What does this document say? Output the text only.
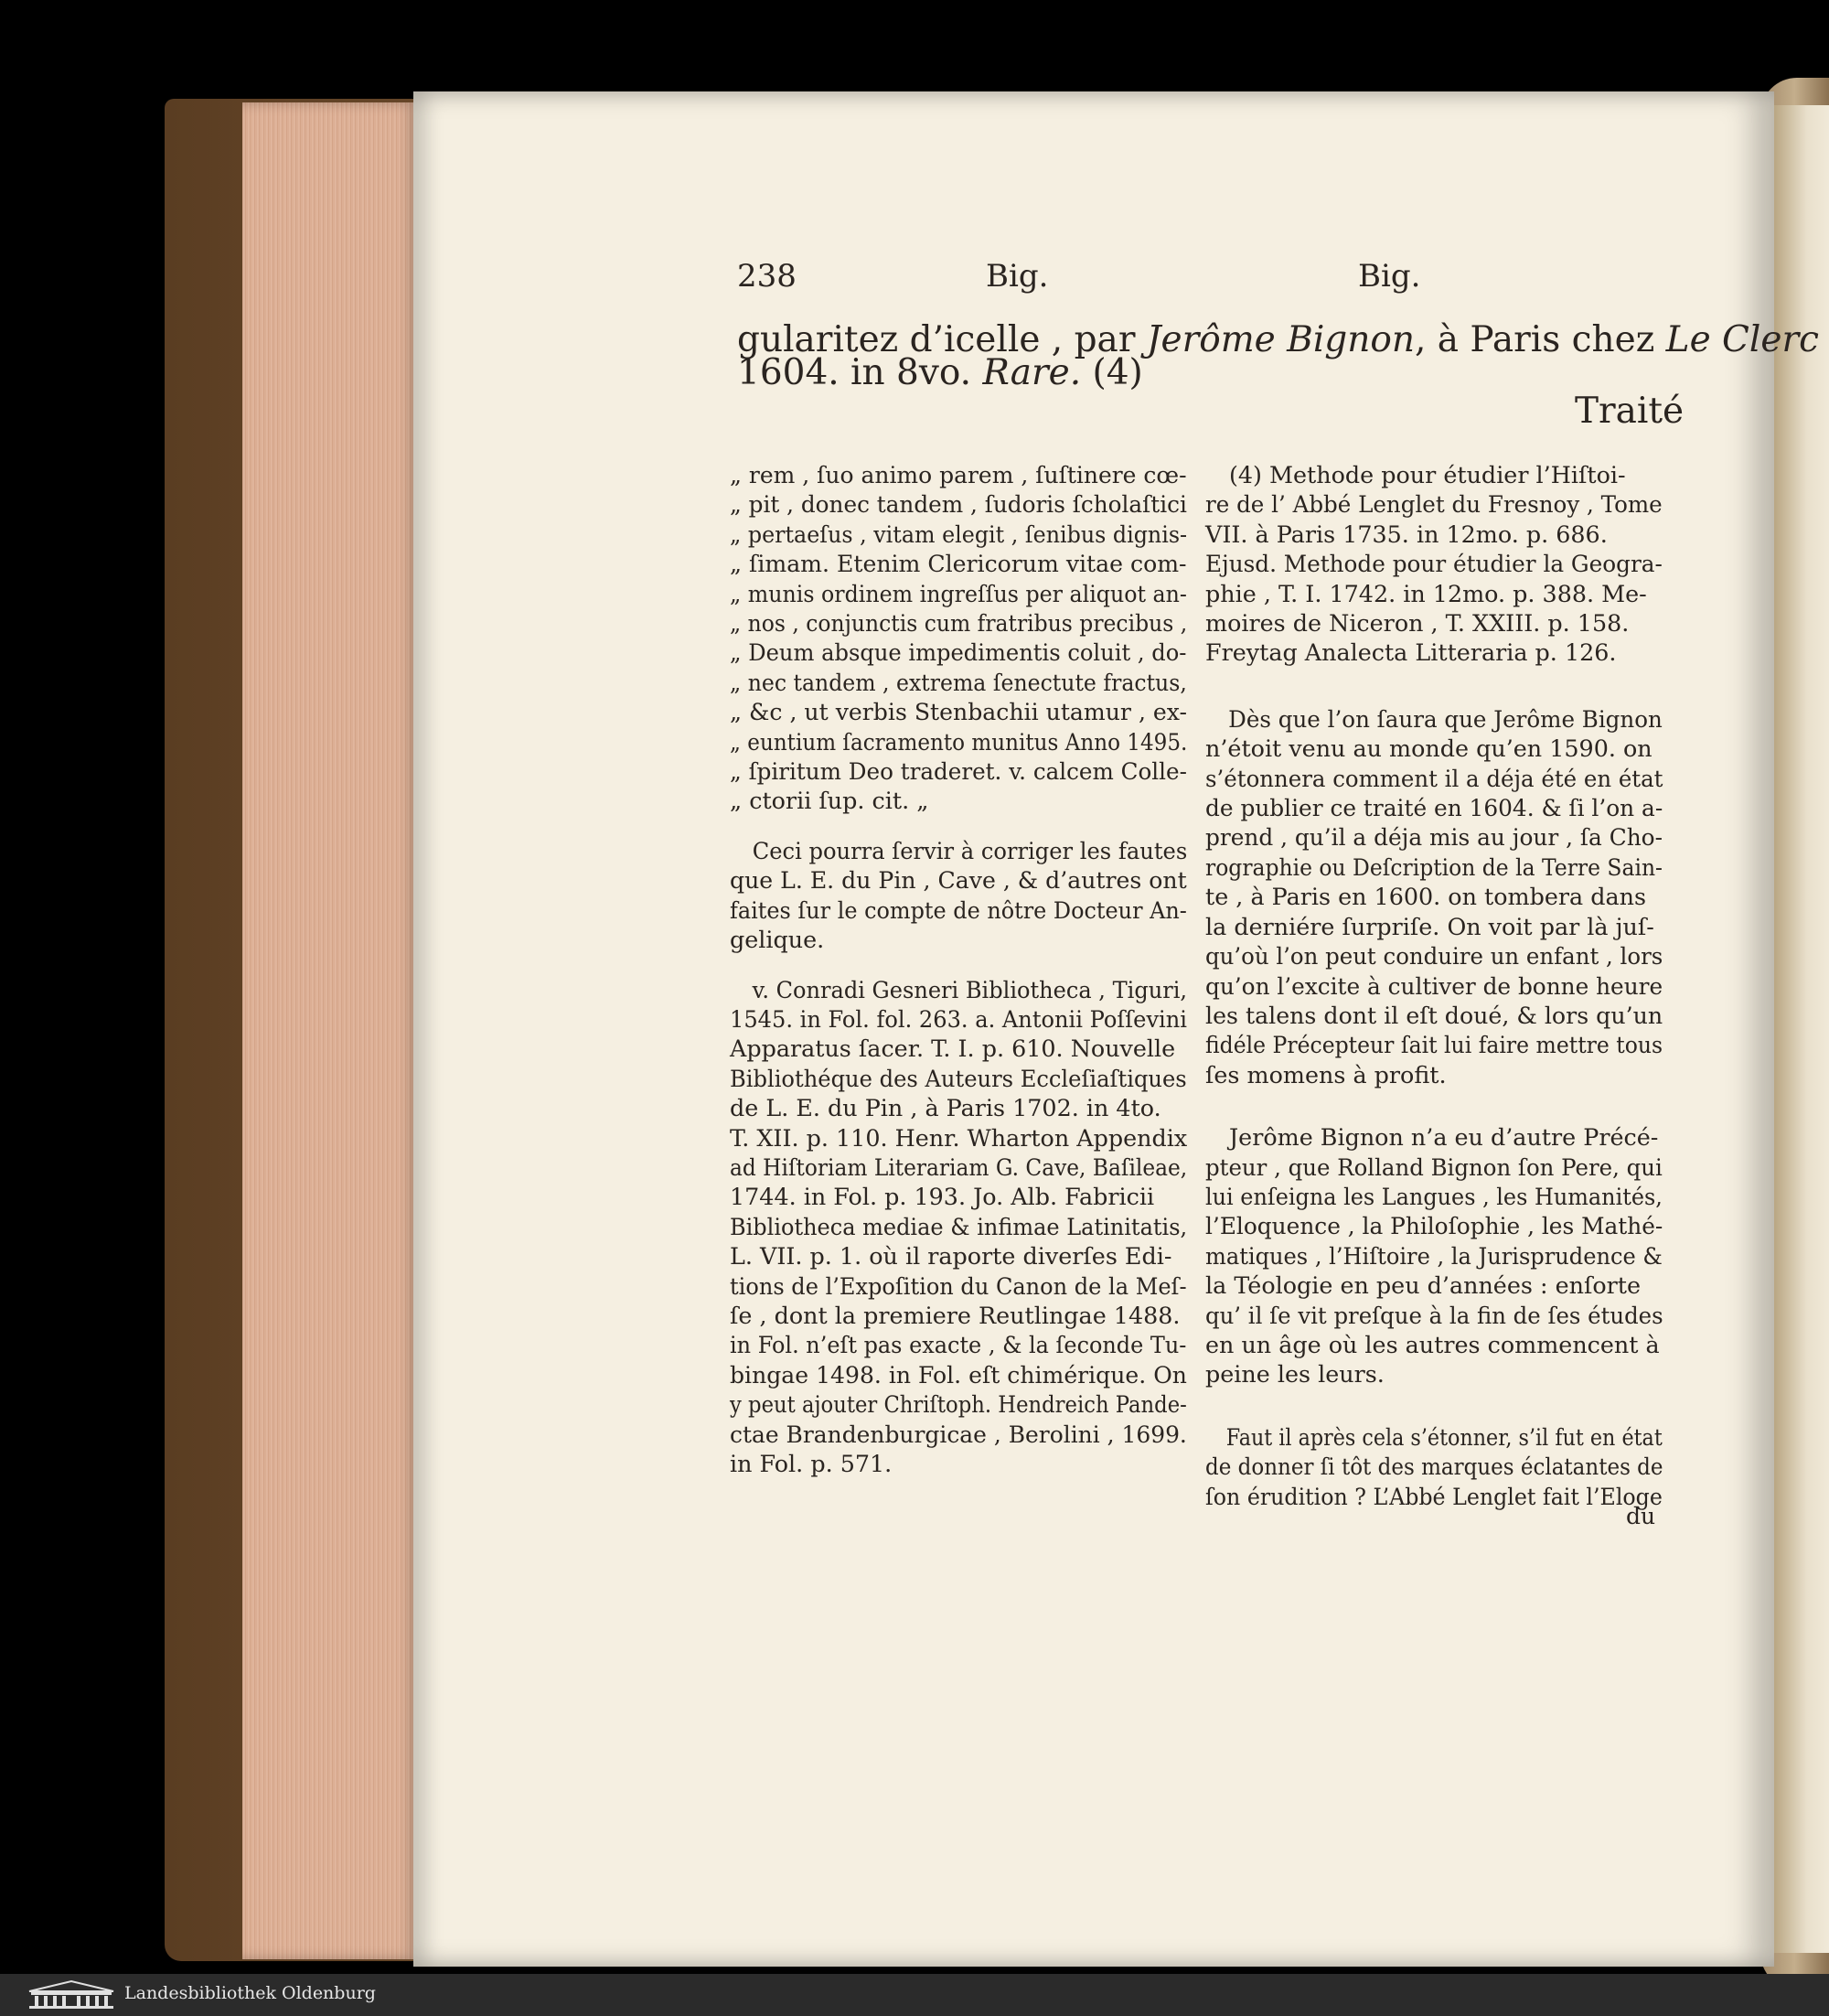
238	Big.	Big.
gularitez d’icelle , par Jerôme Bignon, à Paris chez Le Clerc
1604. in 8vo. Rare. (4)
Traité
„ rem , ſuo animo parem , ſuſtinere cœ-
„ pit , donec tandem , ſudoris ſcholaſtici
„ pertaeſus , vitam elegit , ſenibus dignis-
„ ſimam. Etenim Clericorum vitae com-
„ munis ordinem ingreſſus per aliquot an-
„ nos , conjunctis cum fratribus precibus ,
„ Deum absque impedimentis coluit , do-
„ nec tandem , extrema ſenectute fractus,
„ &c , ut verbis Stenbachii utamur , ex-
„ euntium ſacramento munitus Anno 1495.
„ ſpiritum Deo traderet. v. calcem Colle-
„ ctorii ſup. cit. „
Ceci pourra ſervir à corriger les fautes
que L. E. du Pin , Cave , & d’autres ont
faites ſur le compte de nôtre Docteur An-
gelique.
v. Conradi Gesneri Bibliotheca , Tiguri,
1545. in Fol. fol. 263. a. Antonii Poſſevini
Apparatus ſacer. T. I. p. 610. Nouvelle
Bibliothéque des Auteurs Eccleſiaſtiques
de L. E. du Pin , à Paris 1702. in 4to.
T. XII. p. 110. Henr. Wharton Appendix
ad Hiſtoriam Literariam G. Cave, Baſileae,
1744. in Fol. p. 193. Jo. Alb. Fabricii
Bibliotheca mediae & infimae Latinitatis,
L. VII. p. 1. où il raporte diverſes Edi-
tions de l’Expoſition du Canon de la Meſ-
ſe , dont la premiere Reutlingae 1488.
in Fol. n’eſt pas exacte , & la ſeconde Tu-
bingae 1498. in Fol. eſt chimérique. On
y peut ajouter Chriſtoph. Hendreich Pande-
ctae Brandenburgicae , Berolini , 1699.
in Fol. p. 571.
(4) Methode pour étudier l’Hiſtoi-
re de l’ Abbé Lenglet du Fresnoy , Tome
VII. à Paris 1735. in 12mo. p. 686.
Ejusd. Methode pour étudier la Geogra-
phie , T. I. 1742. in 12mo. p. 388. Me-
moires de Niceron , T. XXIII. p. 158.
Freytag Analecta Litteraria p. 126.
Dès que l’on ſaura que Jerôme Bignon
n’étoit venu au monde qu’en 1590. on
s’étonnera comment il a déja été en état
de publier ce traité en 1604. & ſi l’on a-
prend , qu’il a déja mis au jour , ſa Cho-
rographie ou Deſcription de la Terre Sain-
te , à Paris en 1600. on tombera dans
la derniére ſurpriſe. On voit par là juſ-
qu’où l’on peut conduire un enfant , lors
qu’on l’excite à cultiver de bonne heure
les talens dont il eſt doué, & lors qu’un
fidéle Précepteur ſait lui faire mettre tous
ſes momens à profit.
Jerôme Bignon n’a eu d’autre Précé-
pteur , que Rolland Bignon ſon Pere, qui
lui enſeigna les Langues , les Humanités,
l’Eloquence , la Philoſophie , les Mathé-
matiques , l’Hiſtoire , la Jurisprudence &
la Téologie en peu d’années : enſorte
qu’ il ſe vit preſque à la fin de ſes études
en un âge où les autres commencent à
peine les leurs.
Faut il après cela s’étonner, s’il fut en état
de donner ſi tôt des marques éclatantes de
ſon érudition ? L’Abbé Lenglet fait l’Eloge
du
Landesbibliothek Oldenburg
